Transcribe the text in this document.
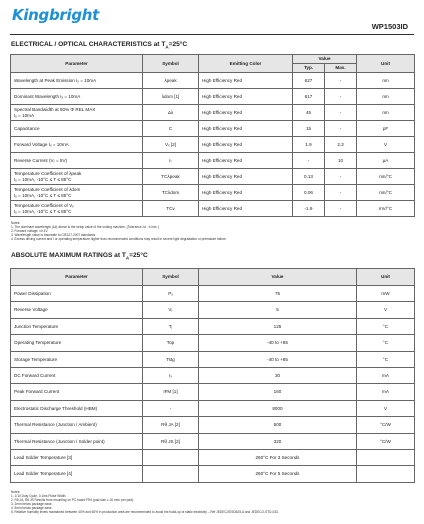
Kingbright
WP1503ID
ELECTRICAL / OPTICAL CHARACTERISTICS at $T_A=25^\circ C$
Parameter	Symbol	Emitting Color	Value		Unit
			Typ.	Max.	
Wavelength at Peak Emission Iₓ = 10mA	λpeak	High Efficiency Red	627	-	nm
Dominant Wavelength Iₓ = 10mA	λdom [1]	High Efficiency Red	617	-	nm
Spectral Bandwidth at 50% Φ REL MAX
Iₓ = 10mA	Δλ	High Efficiency Red	45	-	nm
Capacitance	C	High Efficiency Red	15	-	pF
Forward Voltage Iₓ = 10mA	Vₓ [2]	High Efficiency Red	1.9	2.3	V
Reverse Current (Vᵣ = 5V)	Iᵣ	High Efficiency Red	-	10	µA
Temperature Coefficient of λpeak
Iₓ = 10mA, -10°C ≤ T ≤ 85°C	TCλpeak	High Efficiency Red	0.13	-	nm/°C
Temperature Coefficient of λdom
Iₓ = 10mA, -10°C ≤ T ≤ 85°C	TCλdom	High Efficiency Red	0.06	-	nm/°C
Temperature Coefficient of Vₓ
Iₓ = 10mA, -10°C ≤ T ≤ 85°C	TCv	High Efficiency Red	-1.9	-	mV/°C
Notes:
1. The dominant wavelength (λd) above is the setup value of the sorting machine. (Tolerance λd : ±1nm. )
2. Forward voltage: ±0.1V.
3. Wavelength value is traceable to CIE127-2007 standards.
4. Excess driving current and / or operating temperature higher than recommended conditions may result in severe light degradation or premature failure.
ABSOLUTE MAXIMUM RATINGS at $T_A=25^\circ C$
Parameter	Symbol	Value	Unit
Power Dissipation	Pₓ	75	mW
Reverse Voltage	Vᵣ	5	V
Junction Temperature	Tⱼ	125	°C
Operating Temperature	Top	-40 to +85	°C
Storage Temperature	Tstg	-40 to +85	°C
DC Forward Current	Iₓ	30	mA
Peak Forward Current	IFM [1]	160	mA
Electrostatic Discharge Threshold (HBM)	-	8000	V
Thermal Resistance (Junction / Ambient)	Rθ JA [2]	500	°C/W
Thermal Resistance (Junction / Solder point)	Rθ JS [2]	320	°C/W
Lead Solder Temperature [3]		260°C For 3 Seconds	
Lead Solder Temperature [4]		260°C For 5 Seconds	
Notes:
1. 1/10 Duty Cycle, 0.1ms Pulse Width.
2. Rθ JA, Rθ JS Results from mounting on PC board FR4 (pad size ≥ 16 mm² per pad).
3. 2mm below package base.
4. 5mm below package base.
5. Relative humidity levels maintained between 40% and 60% in production area are recommended to avoid the build-up of static electricity – Ref JEDEC/JESD625-A and JEDEC/J-STD-033.
